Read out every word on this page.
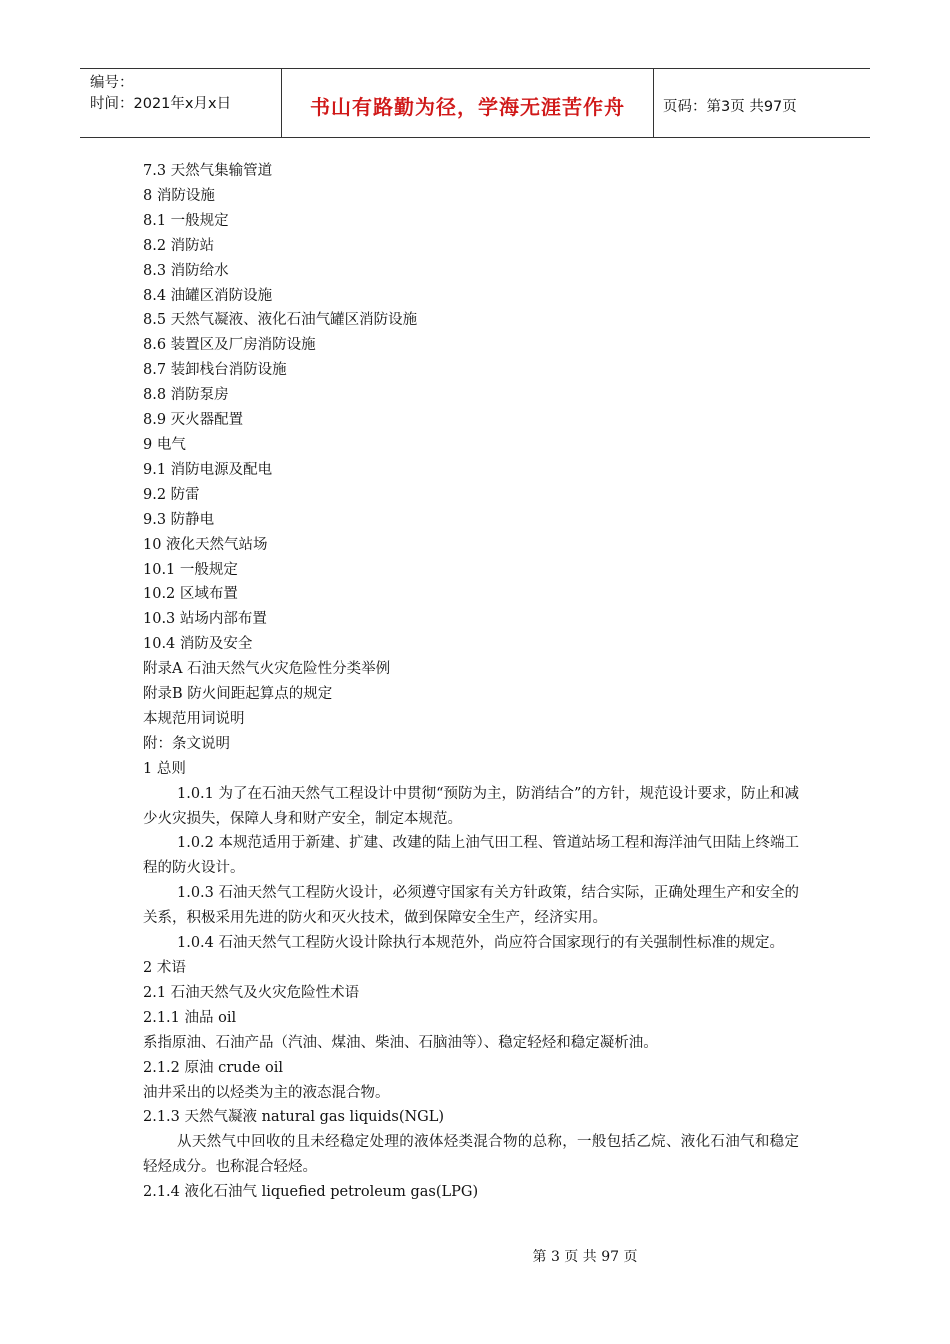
编号：
时间：2021年x月x日	书山有路勤为径，学海无涯苦作舟	页码：第3页 共97页

7.3 天然气集输管道

8 消防设施

8.1 一般规定

8.2 消防站

8.3 消防给水

8.4 油罐区消防设施

8.5 天然气凝液、液化石油气罐区消防设施

8.6 装置区及厂房消防设施

8.7 装卸栈台消防设施

8.8 消防泵房

8.9 灭火器配置

9 电气

9.1 消防电源及配电

9.2 防雷

9.3 防静电

10 液化天然气站场

10.1 一般规定

10.2 区域布置

10.3 站场内部布置

10.4 消防及安全

附录A 石油天然气火灾危险性分类举例

附录B 防火间距起算点的规定

本规范用词说明

附：条文说明

1 总则

1.0.1 为了在石油天然气工程设计中贯彻“预防为主，防消结合”的方针，规范设计要求，防止和减少火灾损失，保障人身和财产安全，制定本规范。

1.0.2 本规范适用于新建、扩建、改建的陆上油气田工程、管道站场工程和海洋油气田陆上终端工程的防火设计。

1.0.3 石油天然气工程防火设计，必须遵守国家有关方针政策，结合实际，正确处理生产和安全的关系，积极采用先进的防火和灭火技术，做到保障安全生产，经济实用。

1.0.4 石油天然气工程防火设计除执行本规范外，尚应符合国家现行的有关强制性标准的规定。

2 术语

2.1 石油天然气及火灾危险性术语

2.1.1 油品 oil

系指原油、石油产品（汽油、煤油、柴油、石脑油等）、稳定轻烃和稳定凝析油。

2.1.2 原油 crude oil

油井采出的以烃类为主的液态混合物。

2.1.3 天然气凝液 natural gas liquids(NGL)

从天然气中回收的且未经稳定处理的液体烃类混合物的总称，一般包括乙烷、液化石油气和稳定轻烃成分。也称混合轻烃。

2.1.4 液化石油气 liquefied petroleum gas(LPG)

第 3 页 共 97 页
